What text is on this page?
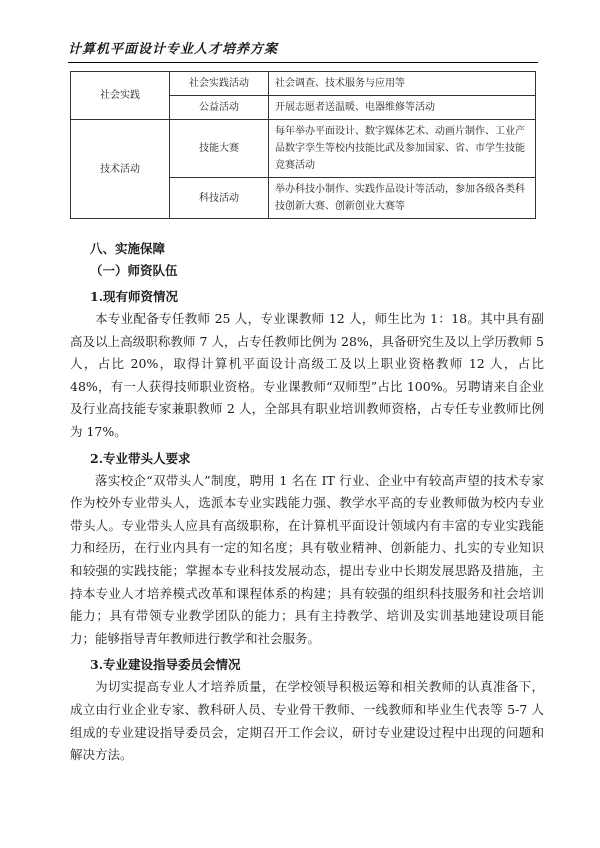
计算机平面设计专业人才培养方案
社会实践	社会实践活动	社会调查、技术服务与应用等
	公益活动	开展志愿者送温暖、电器维修等活动
技术活动	技能大赛	每年举办平面设计、数字媒体艺术、动画片制作、工业产品数字孪生等校内技能比武及参加国家、省、市学生技能竞赛活动
	科技活动	举办科技小制作、实践作品设计等活动，参加各级各类科技创新大赛、创新创业大赛等
八、实施保障
（一）师资队伍
1.现有师资情况

本专业配备专任教师 25 人，专业课教师 12 人，师生比为 1：18。其中具有副高及以上高级职称教师 7 人，占专任教师比例为 28%，具备研究生及以上学历教师 5 人，占比 20%，取得计算机平面设计高级工及以上职业资格教师 12 人，占比 48%，有一人获得技师职业资格。专业课教师“双师型”占比 100%。另聘请来自企业及行业高技能专家兼职教师 2 人，全部具有职业培训教师资格，占专任专业教师比例为 17%。

2.专业带头人要求

落实校企“双带头人”制度，聘用 1 名在 IT 行业、企业中有较高声望的技术专家作为校外专业带头人，选派本专业实践能力强、教学水平高的专业教师做为校内专业带头人。专业带头人应具有高级职称，在计算机平面设计领域内有丰富的专业实践能力和经历，在行业内具有一定的知名度；具有敬业精神、创新能力、扎实的专业知识和较强的实践技能；掌握本专业科技发展动态，提出专业中长期发展思路及措施，主持本专业人才培养模式改革和课程体系的构建；具有较强的组织科技服务和社会培训能力；具有带领专业教学团队的能力；具有主持教学、培训及实训基地建设项目能力；能够指导青年教师进行教学和社会服务。

3.专业建设指导委员会情况

为切实提高专业人才培养质量，在学校领导积极运筹和相关教师的认真准备下，成立由行业企业专家、教科研人员、专业骨干教师、一线教师和毕业生代表等 5-7 人组成的专业建设指导委员会，定期召开工作会议，研讨专业建设过程中出现的问题和解决方法。
